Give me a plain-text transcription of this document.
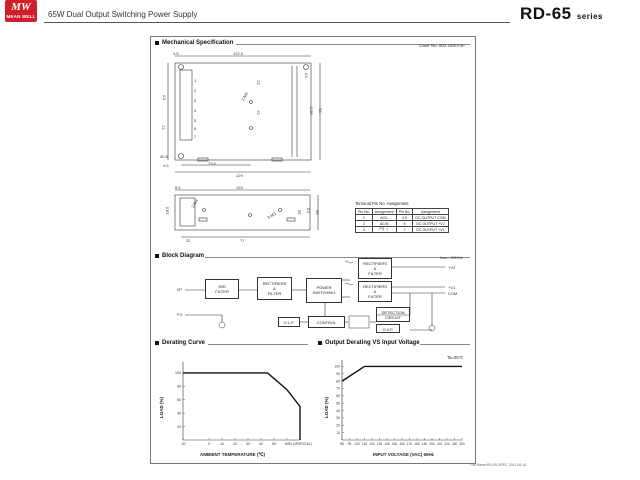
MW
MEAN WELL 65W Dual Output Switching Power Supply	RD-65 series
Mechanical Specification	Case No. 903 Unit:mm
4.5	122.5
2-M3
3.5
85.5 99
6.5
22
22
22
40.5
4.5	73.5
129
1
2
3
4
5
6
7
8.5	129
2-M3
3-M3
18.5	18 5.5 38
32	77
Terminal Pin No. Assignment
Pin No.	Assignment	Pin No.	Assignment
1	AC/L	4,5	DC OUTPUT COM
2	AC/N	5	DC OUTPUT +V2
3	FG ⏚	7	DC OUTPUT +V1
Block Diagram	fosc : 60KHz
I/P
FG
EMI
FILTER
RECTIFIERS
&
FILTER
POWER
SWITCHING
RECTIFIERS
&
FILTER
RECTIFIERS
&
FILTER
O.L.P.	CONTROL
DETECTION
CIRCUIT
O.V.P.
+V2
+V1
COM
Derating Curve	Output Derating VS Input Voltage
-20	0	10	20	30	40	50	60 70 (VERTICAL)
100
80
60
40
20
AMBIENT TEMPERATURE (℃)
LOAD (%)
88 95 100 115 120 130 140 150 160 170 180 190 200 210 220 230 264
100
90
80
70
60
50
40
30
20
10
INPUT VOLTAGE (VAC) 60Hz
LOAD (%)
Ta=25℃
File Name:RD-65-SPEC 2011-06-16
